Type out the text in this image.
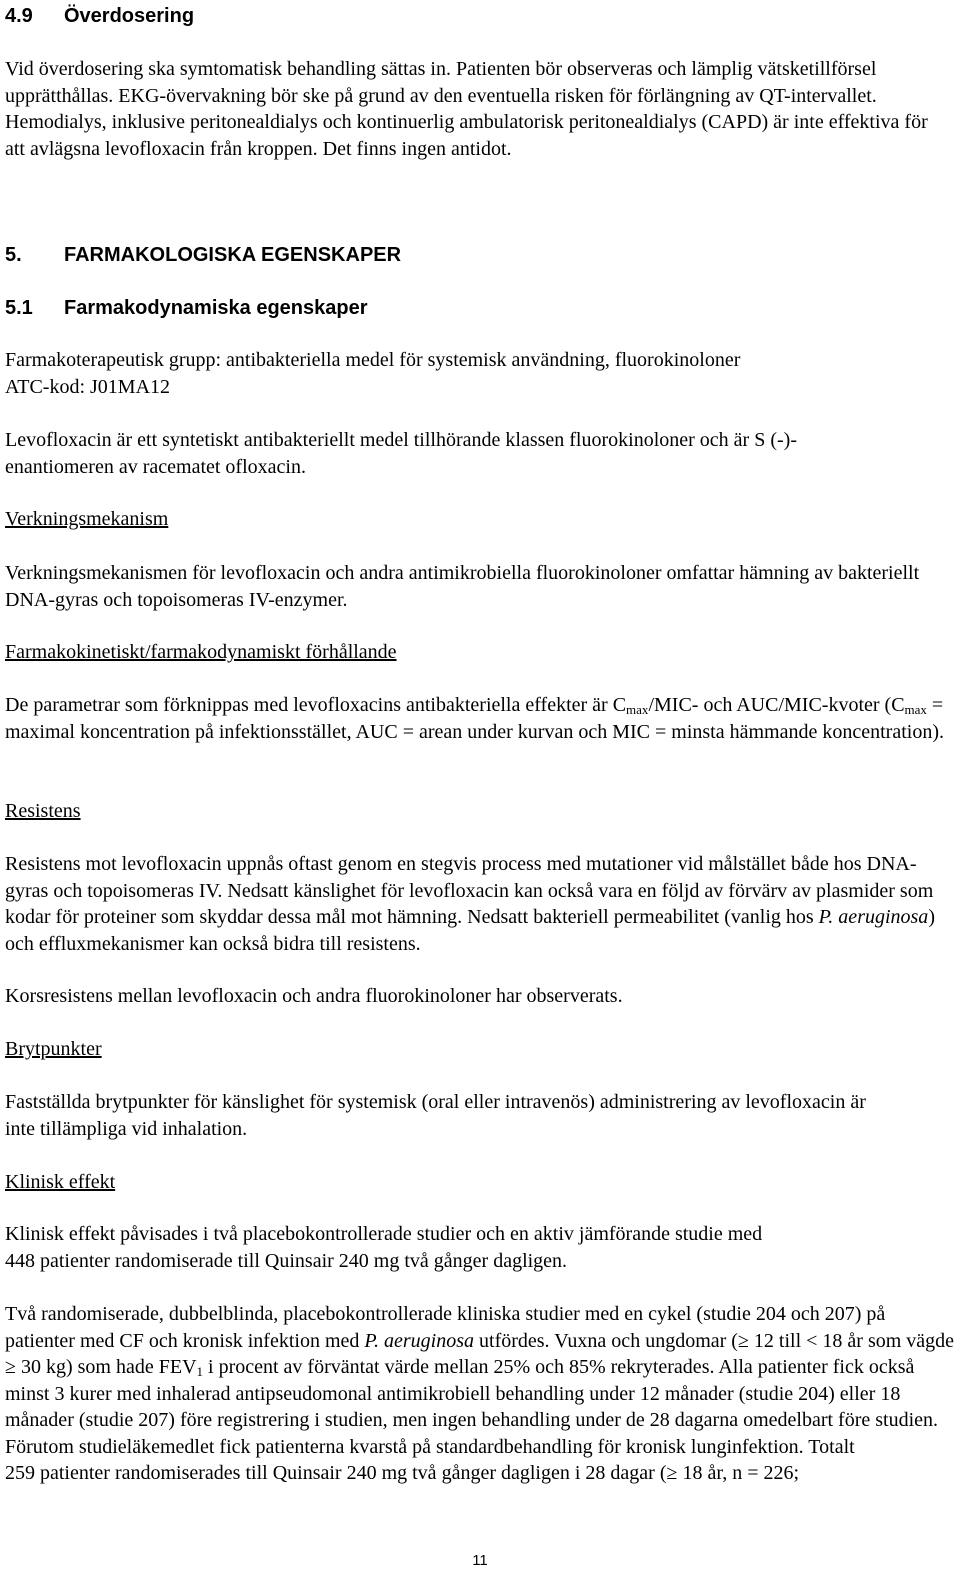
4.9	Överdosering

Vid överdosering ska symtomatisk behandling sättas in. Patienten bör observeras och lämplig vätsketillförsel upprätthållas. EKG-övervakning bör ske på grund av den eventuella risken för förlängning av QT-intervallet. Hemodialys, inklusive peritonealdialys och kontinuerlig ambulatorisk peritonealdialys (CAPD) är inte effektiva för att avlägsna levofloxacin från kroppen. Det finns ingen antidot.

5.	FARMAKOLOGISKA EGENSKAPER
5.1	Farmakodynamiska egenskaper

Farmakoterapeutisk grupp: antibakteriella medel för systemisk användning, fluorokinoloner

ATC-kod: J01MA12

Levofloxacin är ett syntetiskt antibakteriellt medel tillhörande klassen fluorokinoloner och är S (-)-enantiomeren av racematet ofloxacin.

Verkningsmekanism

Verkningsmekanismen för levofloxacin och andra antimikrobiella fluorokinoloner omfattar hämning av bakteriellt DNA-gyras och topoisomeras IV-enzymer.

Farmakokinetiskt/farmakodynamiskt förhållande

De parametrar som förknippas med levofloxacins antibakteriella effekter är $C_{max}/MIC-$ och AUC/MIC-kvoter ($C_{max}$ = maximal koncentration på infektionsstället, AUC = arean under kurvan och MIC = minsta hämmande koncentration).

Resistens

Resistens mot levofloxacin uppnås oftast genom en stegvis process med mutationer vid målstället både hos DNA-gyras och topoisomeras IV. Nedsatt känslighet för levofloxacin kan också vara en följd av förvärv av plasmider som kodar för proteiner som skyddar dessa mål mot hämning. Nedsatt bakteriell permeabilitet (vanlig hos P. aeruginosa) och effluxmekanismer kan också bidra till resistens.

Korsresistens mellan levofloxacin och andra fluorokinoloner har observerats.

Brytpunkter

Fastställda brytpunkter för känslighet för systemisk (oral eller intravenös) administrering av levofloxacin är inte tillämpliga vid inhalation.

Klinisk effekt

Klinisk effekt påvisades i två placebokontrollerade studier och en aktiv jämförande studie med

448 patienter randomiserade till Quinsair 240 mg två gånger dagligen.

Två randomiserade, dubbelblinda, placebokontrollerade kliniska studier med en cykel (studie 204 och 207) på patienter med CF och kronisk infektion med P. aeruginosa utfördes. Vuxna och ungdomar (≥ 12 till < 18 år som vägde ≥ 30 kg) som hade $FEV_1$ i procent av förväntat värde mellan 25% och 85% rekryterades. Alla patienter fick också minst 3 kurer med inhalerad antipseudomonal antimikrobiell behandling under 12 månader (studie 204) eller 18 månader (studie 207) före registrering i studien, men ingen behandling under de 28 dagarna omedelbart före studien. Förutom studieläkemedlet fick patienterna kvarstå på standardbehandling för kronisk lunginfektion. Totalt
259 patienter randomiserades till Quinsair 240 mg två gånger dagligen i 28 dagar (≥ 18 år, n = 226;

11
